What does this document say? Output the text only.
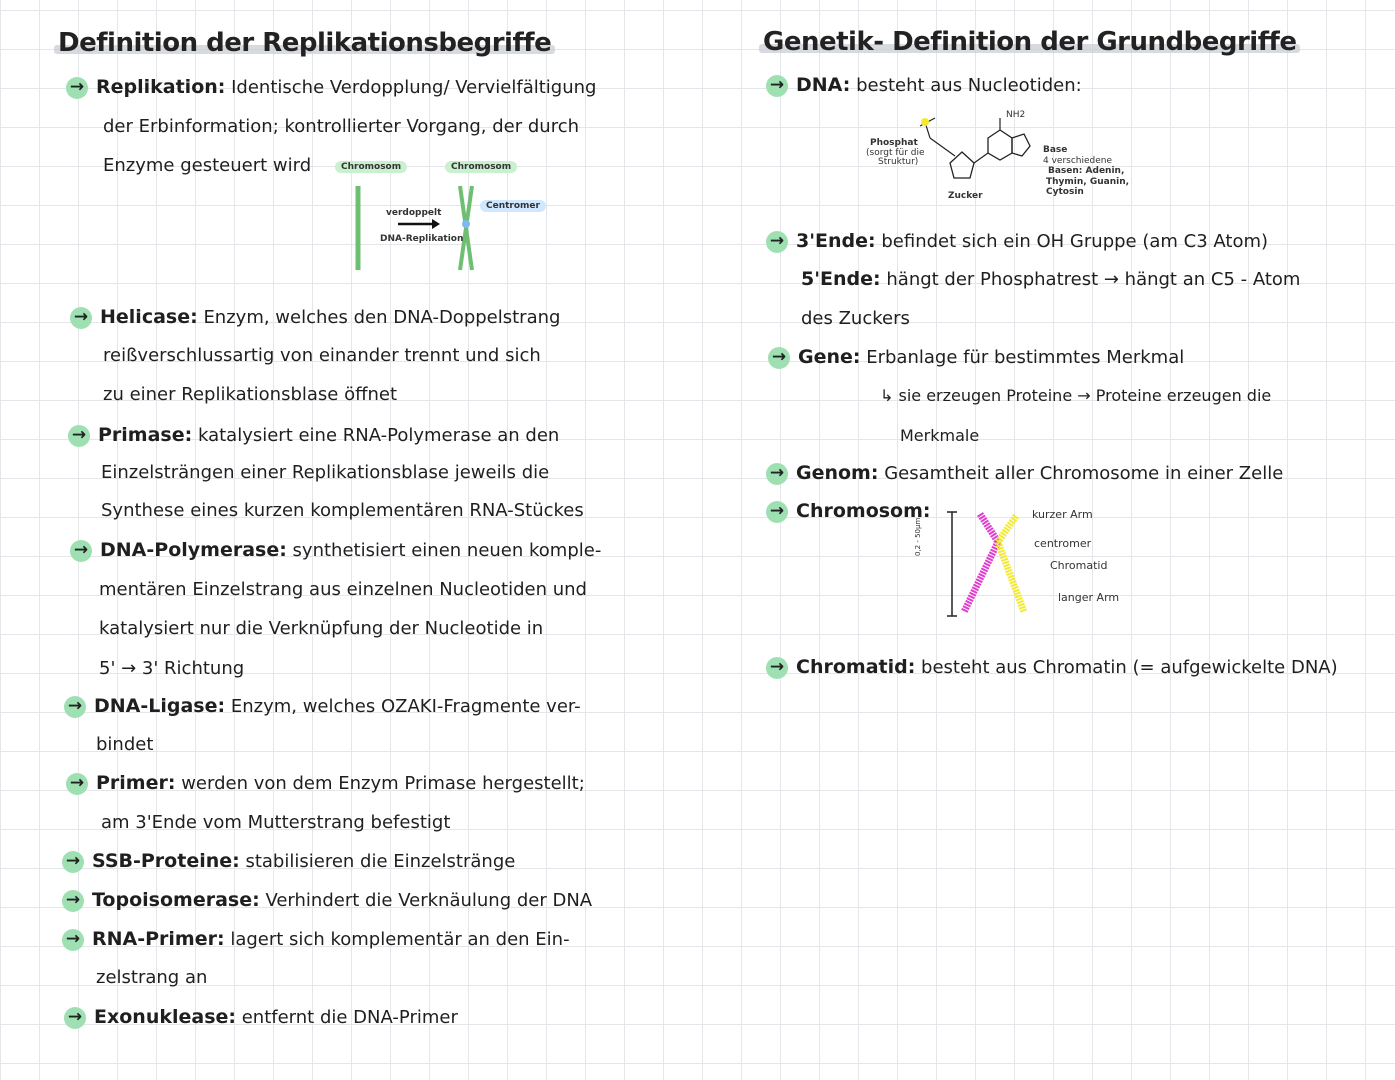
Definition der Replikationsbegriffe
→ Replikation: Identische Verdopplung/ Vervielfältigung
der Erbinformation; kontrollierter Vorgang, der durch
Enzyme gesteuert wird	Chromosom	Chromosom
verdoppelt
DNA-Replikation
Centromer
→ Helicase: Enzym, welches den DNA-Doppelstrang
reißverschlussartig von einander trennt und sich
zu einer Replikationsblase öffnet
→ Primase: katalysiert eine RNA-Polymerase an den
Einzelsträngen einer Replikationsblase jeweils die
Synthese eines kurzen komplementären RNA-Stückes
→ DNA-Polymerase: synthetisiert einen neuen komple-
mentären Einzelstrang aus einzelnen Nucleotiden und
katalysiert nur die Verknüpfung der Nucleotide in
5' → 3' Richtung
→ DNA-Ligase: Enzym, welches OZAKI-Fragmente ver-
bindet
→ Primer: werden von dem Enzym Primase hergestellt;
am 3'Ende vom Mutterstrang befestigt
→ SSB-Proteine: stabilisieren die Einzelstränge
→ Topoisomerase: Verhindert die Verknäulung der DNA
→ RNA-Primer: lagert sich komplementär an den Ein-
zelstrang an
→ Exonuklease: entfernt die DNA-Primer
Genetik- Definition der Grundbegriffe
→ DNA: besteht aus Nucleotiden:
Phosphat
(sorgt für die
Struktur)
Zucker
NH2
Base
4 verschiedene
Basen: Adenin,
Thymin, Guanin,
Cytosin
→ 3'Ende: befindet sich ein OH Gruppe (am C3 Atom)
5'Ende: hängt der Phosphatrest → hängt an C5 - Atom
des Zuckers
→ Gene: Erbanlage für bestimmtes Merkmal
↳ sie erzeugen Proteine → Proteine erzeugen die
Merkmale
→ Genom: Gesamtheit aller Chromosome in einer Zelle
→ Chromosom:
0,2 - 50µm
kurzer Arm
centromer
Chromatid
langer Arm
→ Chromatid: besteht aus Chromatin (= aufgewickelte DNA)
